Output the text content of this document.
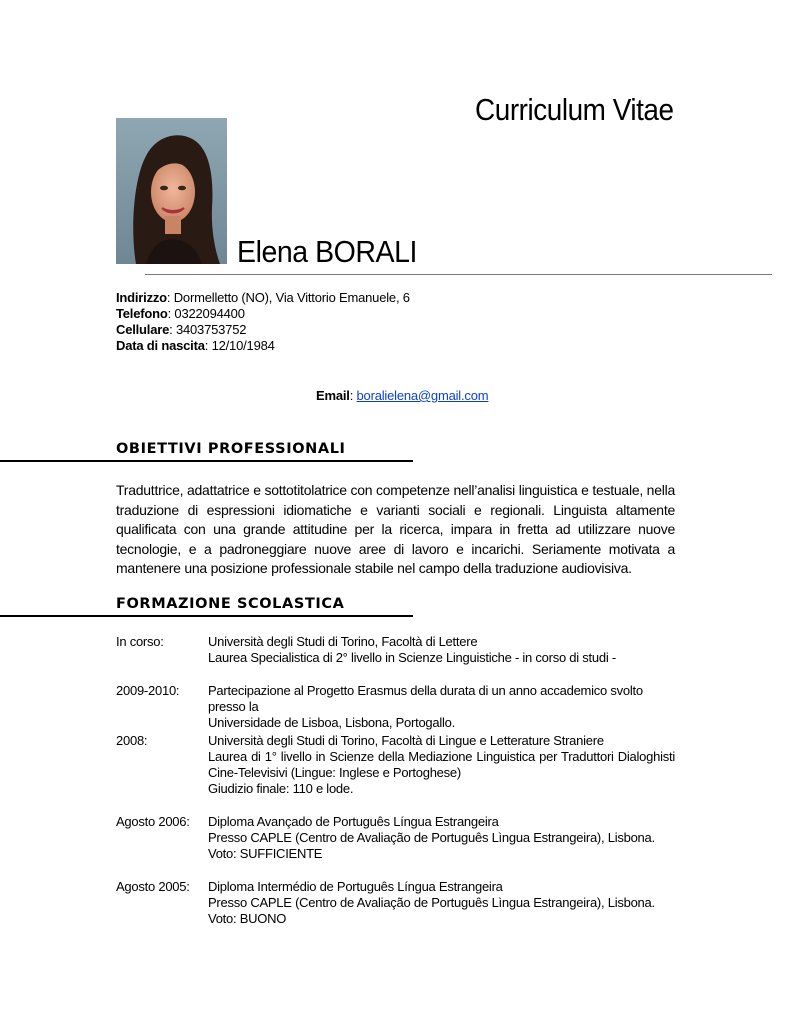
Curriculum Vitae
Elena BORALI
Indirizzo: Dormelletto (NO), Via Vittorio Emanuele, 6
Telefono: 0322094400
Cellulare: 3403753752
Data di nascita: 12/10/1984
Email: boralielena@gmail.com
OBIETTIVI PROFESSIONALI
Traduttrice, adattatrice e sottotitolatrice con competenze nell’analisi linguistica e testuale, nella traduzione di espressioni idiomatiche e varianti sociali e regionali. Linguista altamente qualificata con una grande attitudine per la ricerca, impara in fretta ad utilizzare nuove tecnologie, e a padroneggiare nuove aree di lavoro e incarichi. Seriamente motivata a mantenere una posizione professionale stabile nel campo della traduzione audiovisiva.
FORMAZIONE SCOLASTICA
In corso:	Università degli Studi di Torino, Facoltà di Lettere
Laurea Specialistica di 2° livello in Scienze Linguistiche - in corso di studi -
2009-2010:	Partecipazione al Progetto Erasmus della durata di un anno accademico svolto presso la
Universidade de Lisboa, Lisbona, Portogallo.
2008:	Università degli Studi di Torino, Facoltà di Lingue e Letterature Straniere
Laurea di 1° livello in Scienze della Mediazione Linguistica per Traduttori Dialoghisti
Cine-Televisivi (Lingue: Inglese e Portoghese)
Giudizio finale: 110 e lode.
Agosto 2006:	Diploma Avançado de Português Língua Estrangeira
Presso CAPLE (Centro de Avaliação de Português Lìngua Estrangeira), Lisbona.
Voto: SUFFICIENTE
Agosto 2005:	Diploma Intermédio de Português Língua Estrangeira
Presso CAPLE (Centro de Avaliação de Português Lìngua Estrangeira), Lisbona.
Voto: BUONO
